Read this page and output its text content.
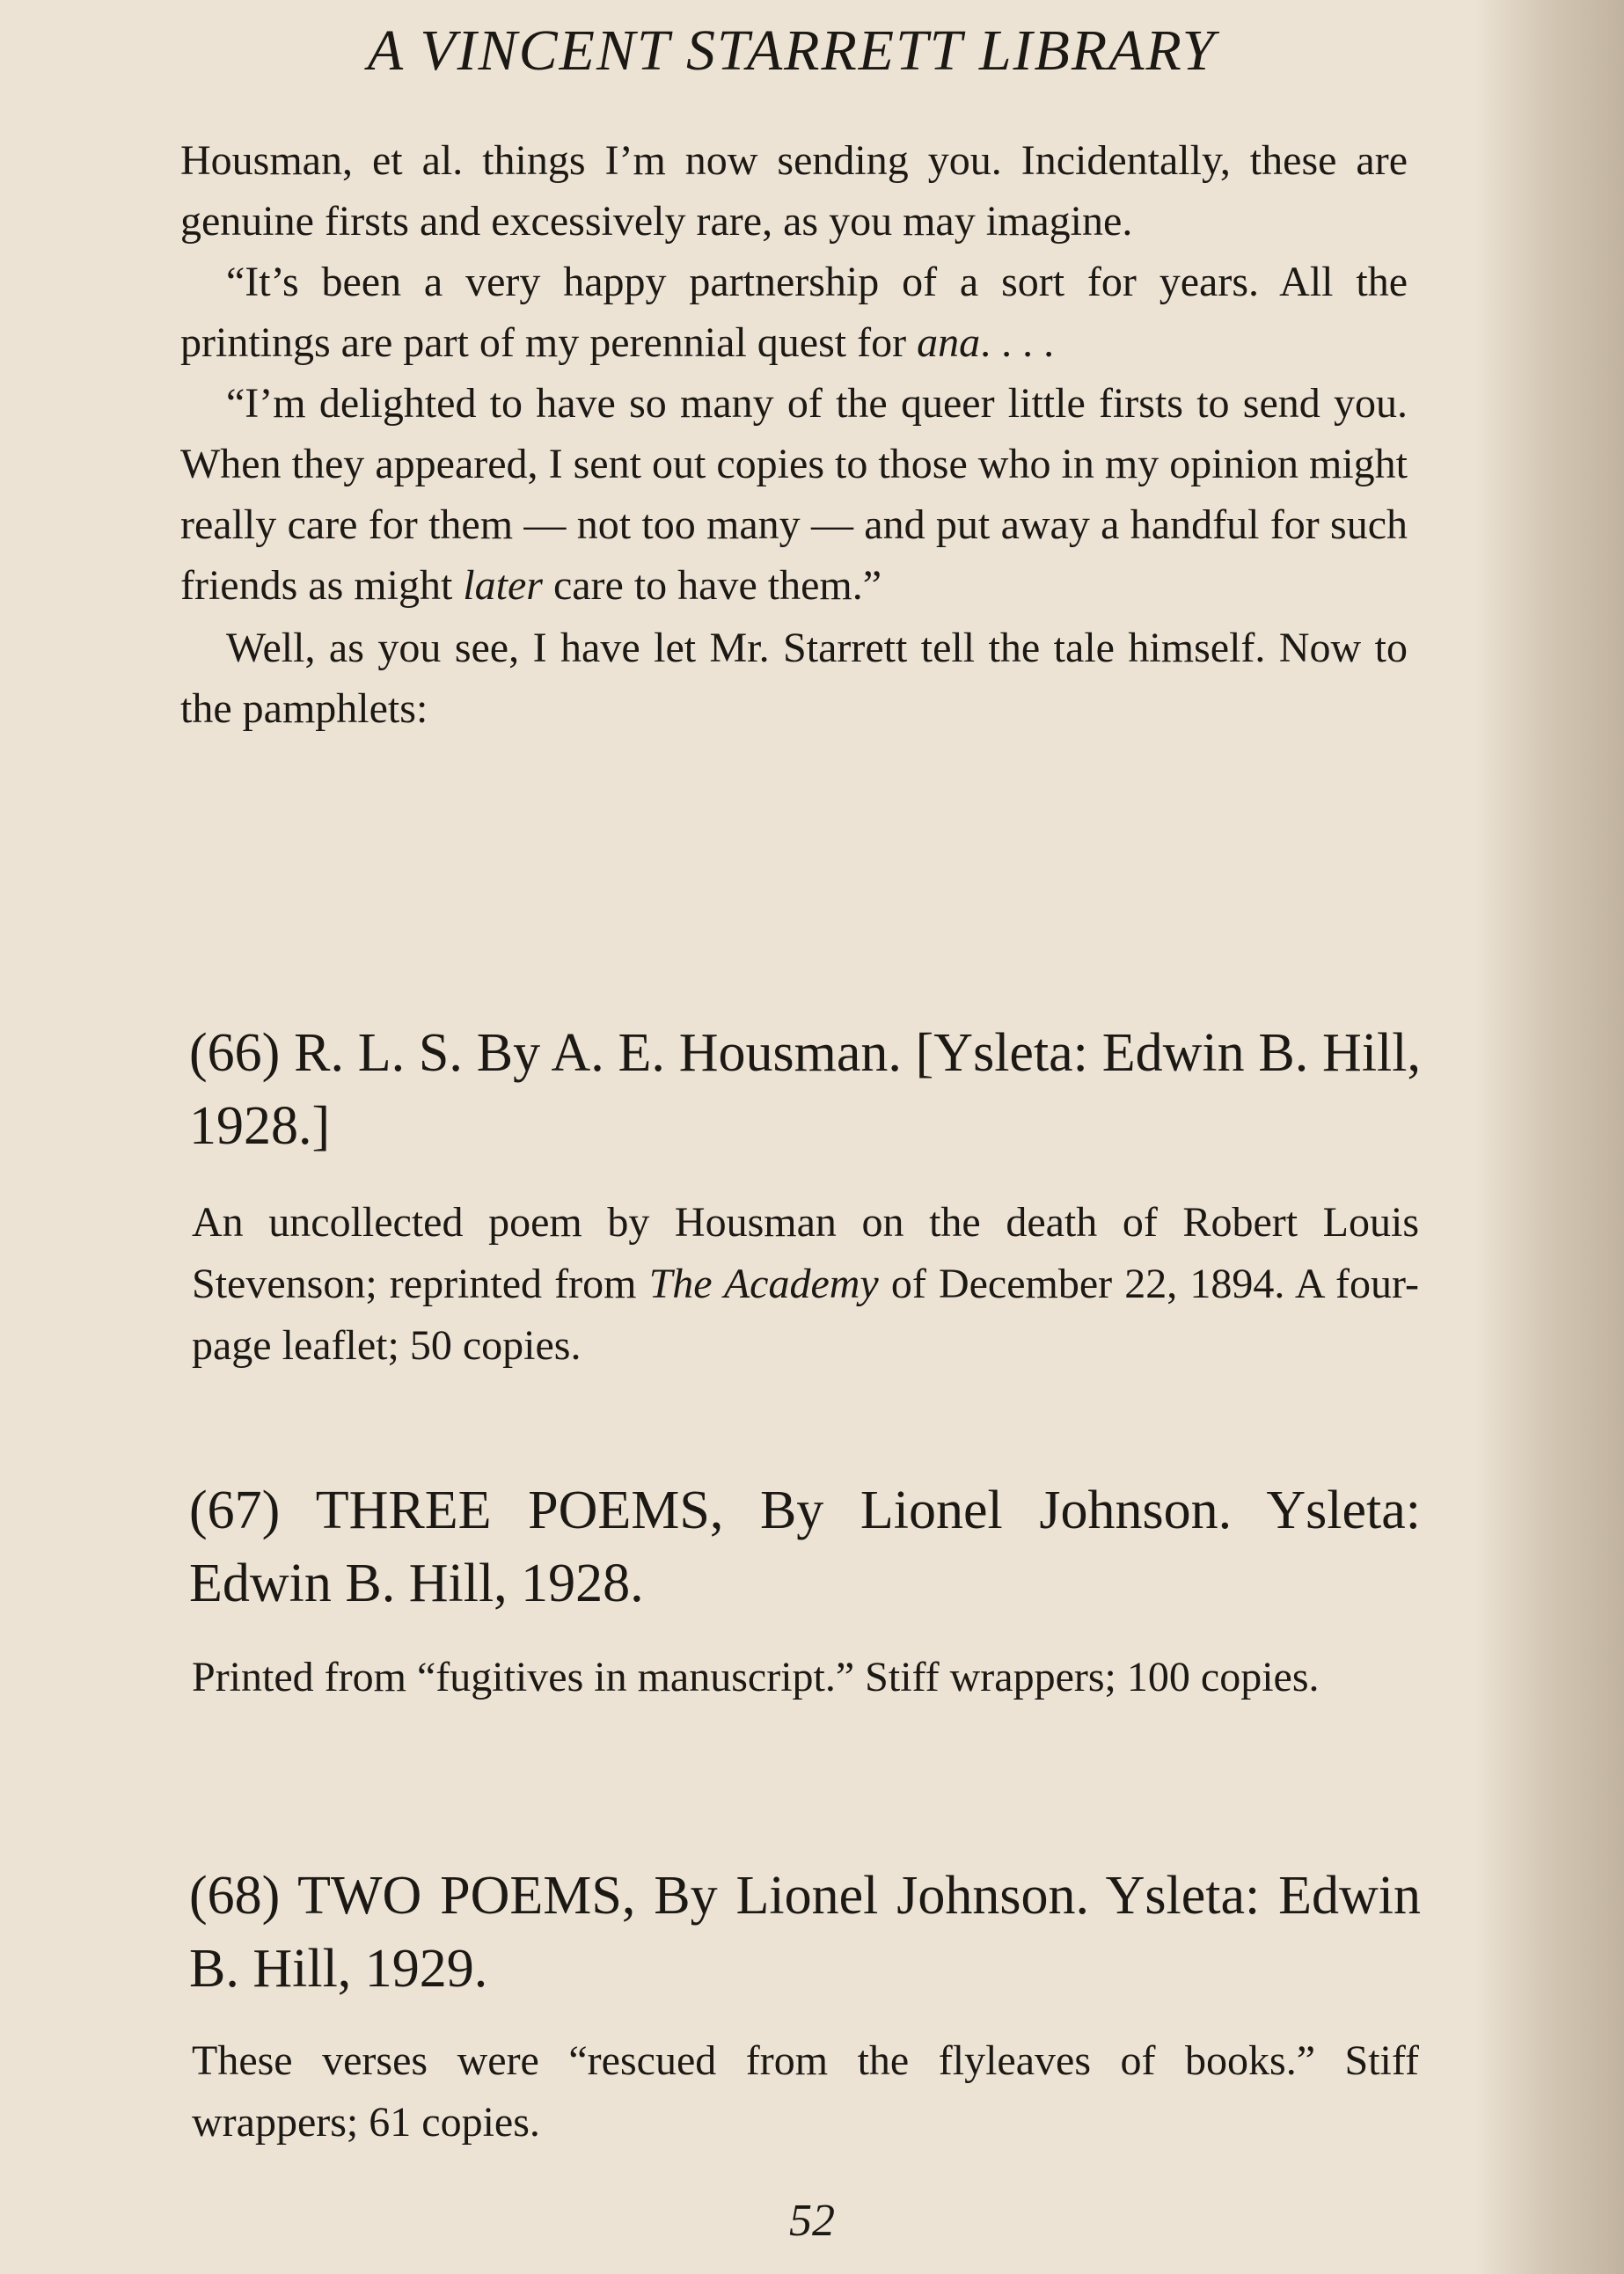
A VINCENT STARRETT LIBRARY

Housman, et al. things I’m now sending you. Incidentally, these are genuine firsts and excessively rare, as you may imagine.

“It’s been a very happy partnership of a sort for years. All the printings are part of my perennial quest for ana. . . .

“I’m delighted to have so many of the queer little firsts to send you. When they appeared, I sent out copies to those who in my opinion might really care for them — not too many — and put away a handful for such friends as might later care to have them.”

Well, as you see, I have let Mr. Starrett tell the tale himself. Now to the pamphlets:

(66) R. L. S. By A. E. Housman. [Ysleta: Edwin B. Hill, 1928.]

An uncollected poem by Housman on the death of Robert Louis Stevenson; reprinted from The Academy of December 22, 1894. A four-page leaflet; 50 copies.

(67) THREE POEMS, By Lionel Johnson. Ysleta: Edwin B. Hill, 1928.

Printed from “fugitives in manuscript.” Stiff wrappers; 100 copies.

(68) TWO POEMS, By Lionel Johnson. Ysleta: Edwin B. Hill, 1929.

These verses were “rescued from the flyleaves of books.” Stiff wrappers; 61 copies.

52
